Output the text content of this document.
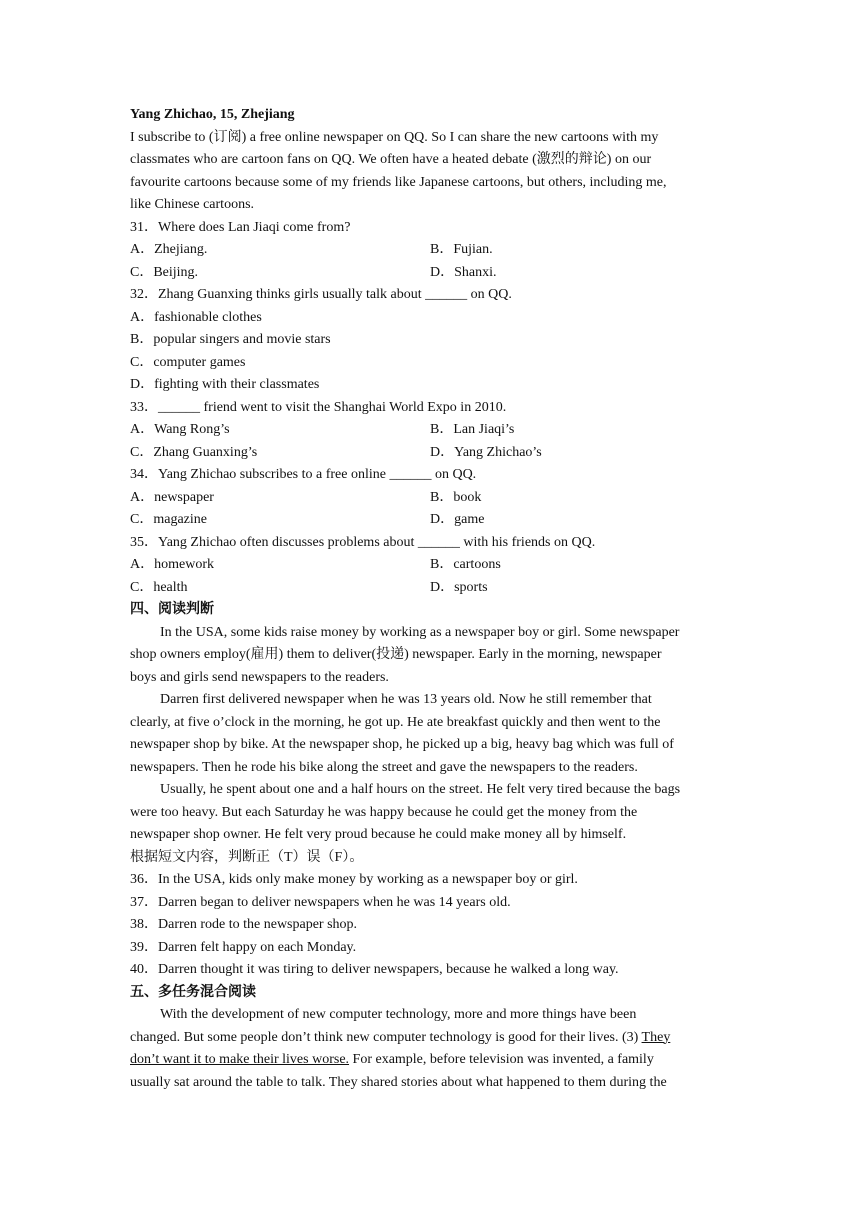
Yang Zhichao, 15, Zhejiang
I subscribe to (订阅) a free online newspaper on QQ. So I can share the new cartoons with my
classmates who are cartoon fans on QQ. We often have a heated debate (激烈的辩论) on our
favourite cartoons because some of my friends like Japanese cartoons, but others, including me,
like Chinese cartoons.
31．Where does Lan Jiaqi come from?
A．Zhejiang.	B．Fujian.
C．Beijing.	D．Shanxi.
32．Zhang Guanxing thinks girls usually talk about ______ on QQ.
A．fashionable clothes
B．popular singers and movie stars
C．computer games
D．fighting with their classmates
33．______ friend went to visit the Shanghai World Expo in 2010.
A．Wang Rong’s	B．Lan Jiaqi’s
C．Zhang Guanxing’s	D．Yang Zhichao’s
34．Yang Zhichao subscribes to a free online ______ on QQ.
A．newspaper	B．book
C．magazine	D．game
35．Yang Zhichao often discusses problems about ______ with his friends on QQ.
A．homework	B．cartoons
C．health	D．sports
四、阅读判断
In the USA, some kids raise money by working as a newspaper boy or girl. Some newspaper
shop owners employ(雇用) them to deliver(投递) newspaper. Early in the morning, newspaper
boys and girls send newspapers to the readers.
Darren first delivered newspaper when he was 13 years old. Now he still remember that
clearly, at five o’clock in the morning, he got up. He ate breakfast quickly and then went to the
newspaper shop by bike. At the newspaper shop, he picked up a big, heavy bag which was full of
newspapers. Then he rode his bike along the street and gave the newspapers to the readers.
Usually, he spent about one and a half hours on the street. He felt very tired because the bags
were too heavy. But each Saturday he was happy because he could get the money from the
newspaper shop owner. He felt very proud because he could make money all by himself.
根据短文内容，判断正（T）误（F）。
36．In the USA, kids only make money by working as a newspaper boy or girl.
37．Darren began to deliver newspapers when he was 14 years old.
38．Darren rode to the newspaper shop.
39．Darren felt happy on each Monday.
40．Darren thought it was tiring to deliver newspapers, because he walked a long way.
五、多任务混合阅读
With the development of new computer technology, more and more things have been
changed. But some people don’t think new computer technology is good for their lives. (3) They
don’t want it to make their lives worse. For example, before television was invented, a family
usually sat around the table to talk. They shared stories about what happened to them during the
